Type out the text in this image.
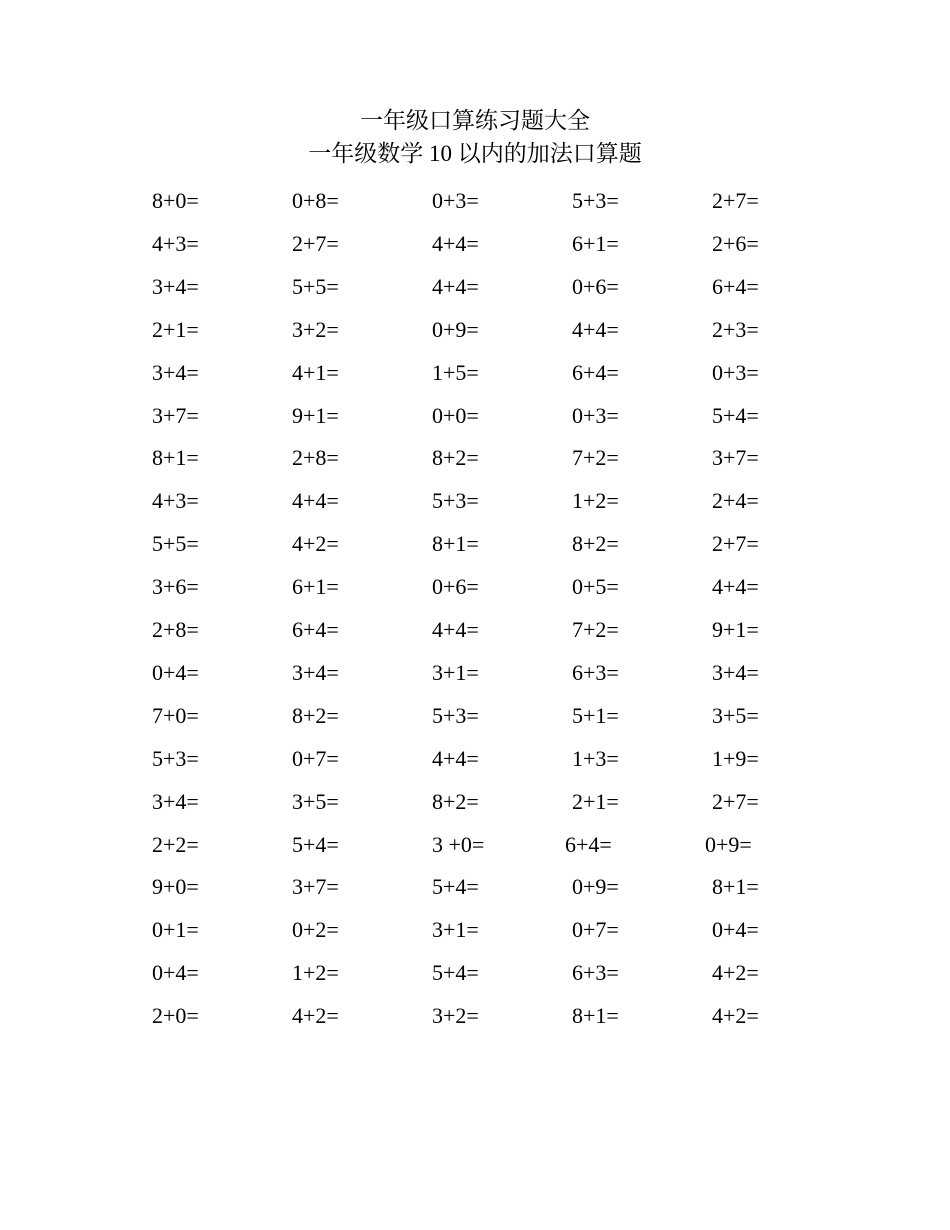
一年级口算练习题大全
一年级数学 10 以内的加法口算题
8+0=	0+8=	0+3=	5+3=	2+7=
4+3=	2+7=	4+4=	6+1=	2+6=
3+4=	5+5=	4+4=	0+6=	6+4=
2+1=	3+2=	0+9=	4+4=	2+3=
3+4=	4+1=	1+5=	6+4=	0+3=
3+7=	9+1=	0+0=	0+3=	5+4=
8+1=	2+8=	8+2=	7+2=	3+7=
4+3=	4+4=	5+3=	1+2=	2+4=
5+5=	4+2=	8+1=	8+2=	2+7=
3+6=	6+1=	0+6=	0+5=	4+4=
2+8=	6+4=	4+4=	7+2=	9+1=
0+4=	3+4=	3+1=	6+3=	3+4=
7+0=	8+2=	5+3=	5+1=	3+5=
5+3=	0+7=	4+4=	1+3=	1+9=
3+4=	3+5=	8+2=	2+1=	2+7=
2+2=	5+4=	3 +0=	6+4=	0+9=
9+0=	3+7=	5+4=	0+9=	8+1=
0+1=	0+2=	3+1=	0+7=	0+4=
0+4=	1+2=	5+4=	6+3=	4+2=
2+0=	4+2=	3+2=	8+1=	4+2=
